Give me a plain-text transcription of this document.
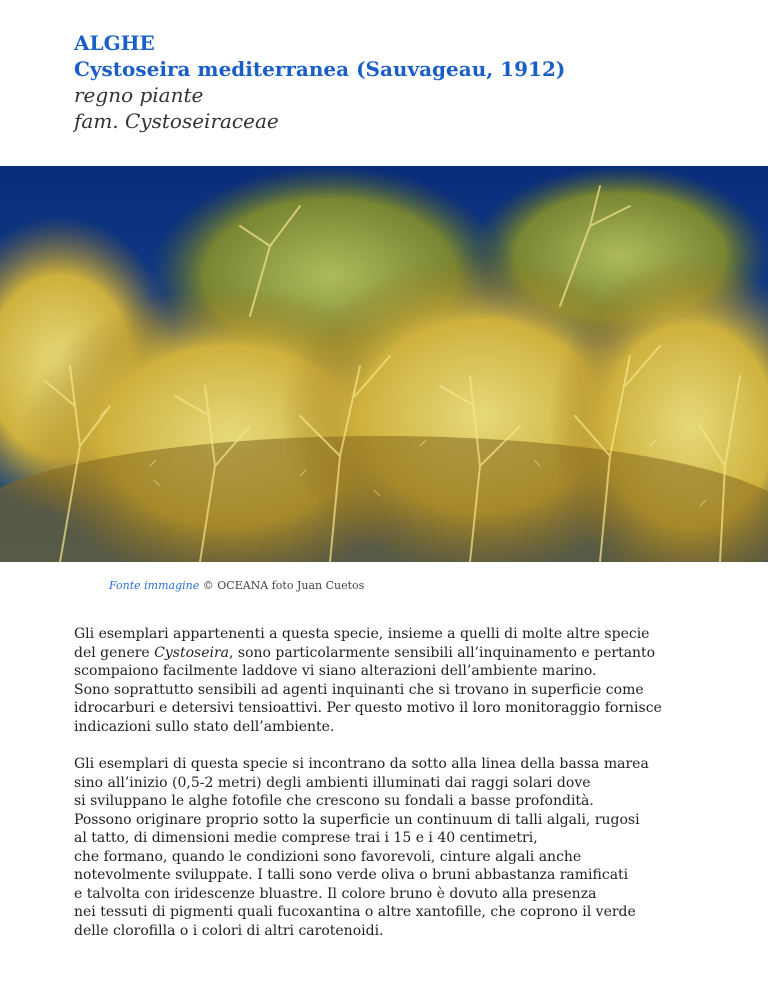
ALGHE
Cystoseira mediterranea (Sauvageau, 1912)
regno piante
fam. Cystoseiraceae
Fonte immagine © OCEANA foto Juan Cuetos
Gli esemplari appartenenti a questa specie, insieme a quelli di molte altre specie
del genere Cystoseira, sono particolarmente sensibili all’inquinamento e pertanto
scompaiono facilmente laddove vi siano alterazioni dell’ambiente marino.
Sono soprattutto sensibili ad agenti inquinanti che si trovano in superficie come
idrocarburi e detersivi tensioattivi. Per questo motivo il loro monitoraggio fornisce
indicazioni sullo stato dell’ambiente.
Gli esemplari di questa specie si incontrano da sotto alla linea della bassa marea
sino all’inizio (0,5-2 metri) degli ambienti illuminati dai raggi solari dove
si sviluppano le alghe fotofile che crescono su fondali a basse profondità.
Possono originare proprio sotto la superficie un continuum di talli algali, rugosi
al tatto, di dimensioni medie comprese trai i 15 e i 40 centimetri,
che formano, quando le condizioni sono favorevoli, cinture algali anche
notevolmente sviluppate. I talli sono verde oliva o bruni abbastanza ramificati
e talvolta con iridescenze bluastre. Il colore bruno è dovuto alla presenza
nei tessuti di pigmenti quali fucoxantina o altre xantofille, che coprono il verde
delle clorofilla o i colori di altri carotenoidi.
